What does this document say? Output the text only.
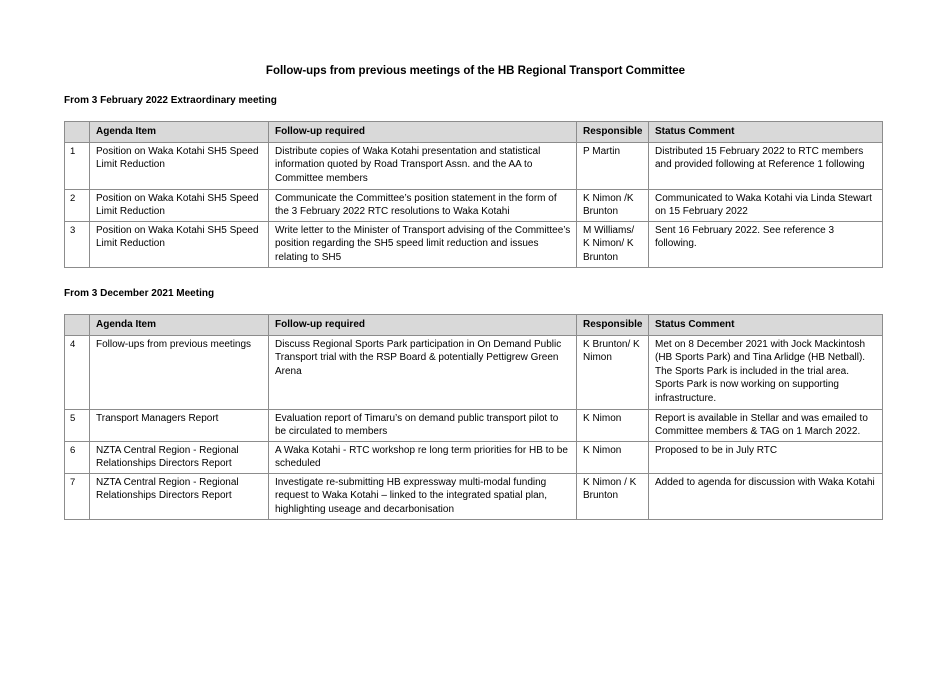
Follow-ups from previous meetings of the HB Regional Transport Committee
From 3 February 2022 Extraordinary meeting
	Agenda Item	Follow-up required	Responsible	Status Comment
1	Position on Waka Kotahi SH5 Speed Limit Reduction	Distribute copies of Waka Kotahi presentation and statistical information quoted by Road Transport Assn. and the AA to Committee members	P Martin	Distributed 15 February 2022 to RTC members and provided following at Reference 1 following
2	Position on Waka Kotahi SH5 Speed Limit Reduction	Communicate the Committee’s position statement in the form of the 3 February 2022 RTC resolutions to Waka Kotahi	K Nimon /K Brunton	Communicated to Waka Kotahi via Linda Stewart on 15 February 2022
3	Position on Waka Kotahi SH5 Speed Limit Reduction	Write letter to the Minister of Transport advising of the Committee’s position regarding the SH5 speed limit reduction and issues relating to SH5	M Williams/ K Nimon/ K Brunton	Sent 16 February 2022. See reference 3 following.
From 3 December 2021 Meeting
	Agenda Item	Follow-up required	Responsible	Status Comment
4	Follow-ups from previous meetings	Discuss Regional Sports Park participation in On Demand Public Transport trial with the RSP Board & potentially Pettigrew Green Arena	K Brunton/ K Nimon	Met on 8 December 2021 with Jock Mackintosh (HB Sports Park) and Tina Arlidge (HB Netball). The Sports Park is included in the trial area. Sports Park is now working on supporting infrastructure.
5	Transport Managers Report	Evaluation report of Timaru’s on demand public transport pilot to be circulated to members	K Nimon	Report is available in Stellar and was emailed to Committee members & TAG on 1 March 2022.
6	NZTA Central Region - Regional Relationships Directors Report	A Waka Kotahi - RTC workshop re long term priorities for HB to be scheduled	K Nimon	Proposed to be in July RTC
7	NZTA Central Region - Regional Relationships Directors Report	Investigate re-submitting HB expressway multi-modal funding request to Waka Kotahi – linked to the integrated spatial plan, highlighting useage and decarbonisation	K Nimon / K Brunton	Added to agenda for discussion with Waka Kotahi
